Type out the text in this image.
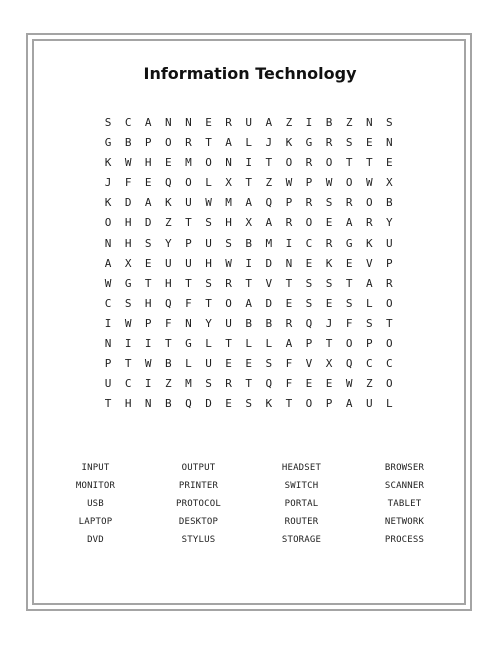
Information Technology
S	C	A	N	N	E	R	U	A	Z	I	B	Z	N	S
G	B	P	O	R	T	A	L	J	K	G	R	S	E	N
K	W	H	E	M	O	N	I	T	O	R	O	T	T	E
J	F	E	Q	O	L	X	T	Z	W	P	W	O	W	X
K	D	A	K	U	W	M	A	Q	P	R	S	R	O	B
O	H	D	Z	T	S	H	X	A	R	O	E	A	R	Y
N	H	S	Y	P	U	S	B	M	I	C	R	G	K	U
A	X	E	U	U	H	W	I	D	N	E	K	E	V	P
W	G	T	H	T	S	R	T	V	T	S	S	T	A	R
C	S	H	Q	F	T	O	A	D	E	S	E	S	L	O
I	W	P	F	N	Y	U	B	B	R	Q	J	F	S	T
N	I	I	T	G	L	T	L	L	A	P	T	O	P	O
P	T	W	B	L	U	E	E	S	F	V	X	Q	C	C
U	C	I	Z	M	S	R	T	Q	F	E	E	W	Z	O
T	H	N	B	Q	D	E	S	K	T	O	P	A	U	L
INPUT	OUTPUT	HEADSET	BROWSER
MONITOR	PRINTER	SWITCH	SCANNER
USB	PROTOCOL	PORTAL	TABLET
LAPTOP	DESKTOP	ROUTER	NETWORK
DVD	STYLUS	STORAGE	PROCESS
